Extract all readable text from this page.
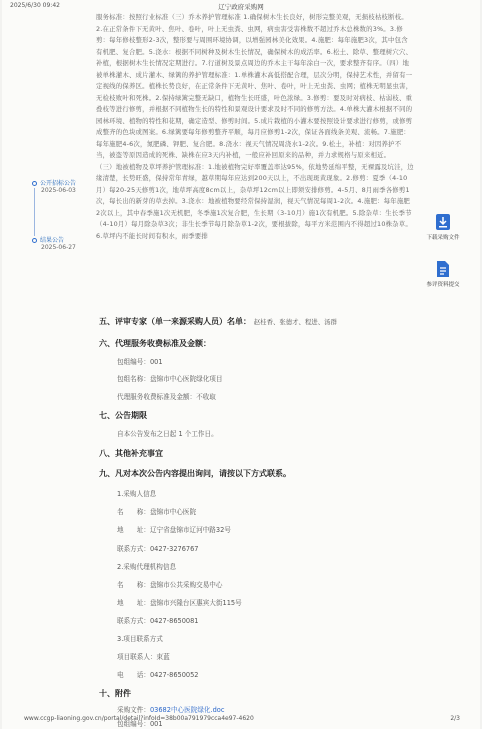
2025/6/30 09:42	辽宁政府采购网

服务标准：按照行业标准（三）乔木养护管理标准 1.确保树木生长良好，树形完整美观，无损枝枯枝断枝。2.在正常条件下无黄叶、焦叶、卷叶，叶上无虫粪、虫网，病虫害受害株数不超过乔木总株数的3%。3.修剪：每年修枝整形2-3次，整形要与周围环境协调，以增强园林美化效果。4.施肥：每年施肥3次，其中包含有机肥、复合肥。5.浇水：根据不同树种及树木生长情况，确保树木的成活率。6.松土、除草、整理树穴穴、补植，根据树木生长情况定期进行。7.行道树及景点周边的乔木主干每年涂白一次，要求整齐有序。（四）地被单株灌木、成片灌木、绿篱的养护管理标准：1.单株灌木高低搭配合理，层次分明，保持艺术性，并留有一定视线的保养区。植株长势良好，在正常条件下无黄叶、焦叶、卷叶，叶上无虫粪、虫网；植株无明显虫害，无检枝败叶和死株。2.保持绿篱完整无缺口，植物生长旺盛，叶色浓绿。3.修剪：要及时对病枝、枯弱枝、重叠枝等进行修剪，并根据不同植物生长的特性和景观设计要求及时不同的修剪方法。4.单株大灌木根据不同的园林环境、植物的特性和花期，确定造型、修剪时间。5.成片栽植的小灌木要按照设计要求进行修剪，或修剪成整齐的色块或图案。6.绿篱要每年修剪整齐平顺，每月应修剪1-2次，保证各面线条美观、流畅。7.施肥：每年施肥4-6次，氮肥磷、钾肥、复合肥。8.浇水：视天气情况周浇水1-2次。9.松土，补植：对因养护不当，被盗等原因造成的死株、缺株在应3天内补植，一般应补回原来的品种，并力求规格与原来相近。

（三）地被植物及草坪养护管理标准：1.地被植物完好率覆盖率达95%，依地势延绵平整，无裸露及坑洼，边缘清楚，长势旺盛，保持常年青绿，越草期每年应达到200天以上，不出现斑黄现象。2.修剪：夏季（4-10月）每20-25天修剪1次，地草坪高度8cm以上，杂草坪12cm以上即须安排修剪。4-5月、8月雨季各修剪1次，每长出的新芽的草去掉。3.浇水：地被植物要经常保持湿润，视天气情况每周1-2次。4.施肥：每年施肥2次以上，其中春季施1次无机肥，冬季施1次复合肥，生长期（3-10月）施1次有机肥。5.除杂草：生长季节（4-10月）每月除杂草3次；非生长季节每月除杂草1-2次，要根拔除，每平方米范围内不得超过10株杂草。6.草坪内不能长时间有积水，雨季要排

公开招标公告
2025-06-03
结果公告
2025-06-27
下载采购文件
参评资料提交
五、评审专家（单一来源采购人员）名单： 赵桂香、张德才、程进、汤群
六、代理服务收费标准及金额：
包组编号：001
包组名称：盘锦市中心医院绿化项目
代理服务收费标准及金额：不收取
七、公告期限
自本公告发布之日起 1 个工作日。
八、其他补充事宜
九、凡对本次公告内容提出询问，请按以下方式联系。
1.采购人信息
名　　称：盘锦市中心医院
地　　址：辽宁省盘锦市辽河中路32号
联系方式：0427-3276767
2.采购代理机构信息
名　　称：盘锦市公共采购交易中心
地　　址：盘锦市兴隆台区惠宾大街115号
联系方式：0427-8650081
3.项目联系方式
项目联系人：束蓝
电　　话：0427-8650052
十、附件
采购文件：03682中心医院绿化.doc
包组编号：001
www.ccgp-liaoning.gov.cn/portal/detail?infoId=38b00a791979cca4e97-4620	2/3
